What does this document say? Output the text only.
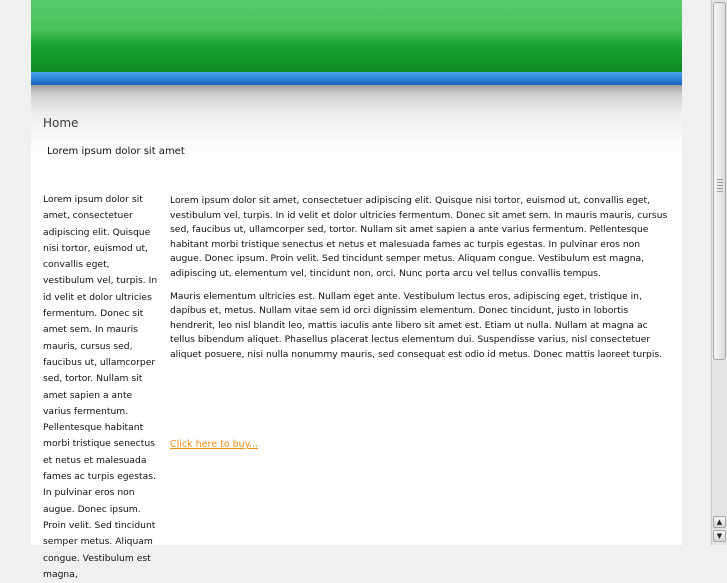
Home
Lorem ipsum dolor sit amet
Lorem ipsum dolor sit amet, consectetuer adipiscing elit. Quisque nisi tortor, euismod ut, convallis eget, vestibulum vel, turpis. In id velit et dolor ultricies fermentum. Donec sit amet sem. In mauris mauris, cursus sed, faucibus ut, ullamcorper sed, tortor. Nullam sit amet sapien a ante varius fermentum. Pellentesque habitant morbi tristique senectus et netus et malesuada fames ac turpis egestas. In pulvinar eros non augue. Donec ipsum. Proin velit. Sed tincidunt semper metus. Aliquam congue. Vestibulum est magna,

Lorem ipsum dolor sit amet, consectetuer adipiscing elit. Quisque nisi tortor, euismod ut, convallis eget, vestibulum vel, turpis. In id velit et dolor ultricies fermentum. Donec sit amet sem. In mauris mauris, cursus sed, faucibus ut, ullamcorper sed, tortor. Nullam sit amet sapien a ante varius fermentum. Pellentesque habitant morbi tristique senectus et netus et malesuada fames ac turpis egestas. In pulvinar eros non augue. Donec ipsum. Proin velit. Sed tincidunt semper metus. Aliquam congue. Vestibulum est magna, adipiscing ut, elementum vel, tincidunt non, orci. Nunc porta arcu vel tellus convallis tempus.

Mauris elementum ultricies est. Nullam eget ante. Vestibulum lectus eros, adipiscing eget, tristique in, dapibus et, metus. Nullam vitae sem id orci dignissim elementum. Donec tincidunt, justo in lobortis hendrerit, leo nisl blandit leo, mattis iaculis ante libero sit amet est. Etiam ut nulla. Nullam at magna ac tellus bibendum aliquet. Phasellus placerat lectus elementum dui. Suspendisse varius, nisl consectetuer aliquet posuere, nisi nulla nonummy mauris, sed consequat est odio id metus. Donec mattis laoreet turpis.

Click here to buy...
▲
▼
